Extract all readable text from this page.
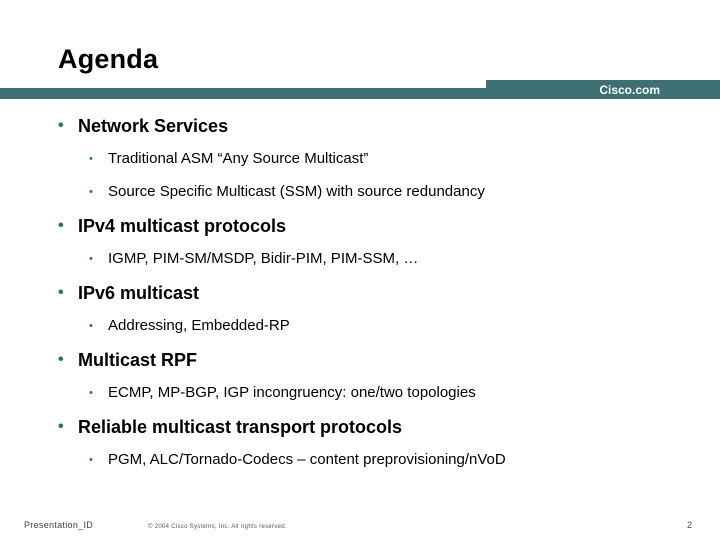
Agenda
Cisco.com
• Network Services
• Traditional ASM “Any Source Multicast”
• Source Specific Multicast (SSM) with source redundancy
• IPv4 multicast protocols
• IGMP, PIM-SM/MSDP, Bidir-PIM, PIM-SSM, …
• IPv6 multicast
• Addressing, Embedded-RP
• Multicast RPF
• ECMP, MP-BGP, IGP incongruency: one/two topologies
• Reliable multicast transport protocols
• PGM, ALC/Tornado-Codecs – content preprovisioning/nVoD
Presentation_ID	© 2004 Cisco Systems, Inc. All rights reserved.	2
